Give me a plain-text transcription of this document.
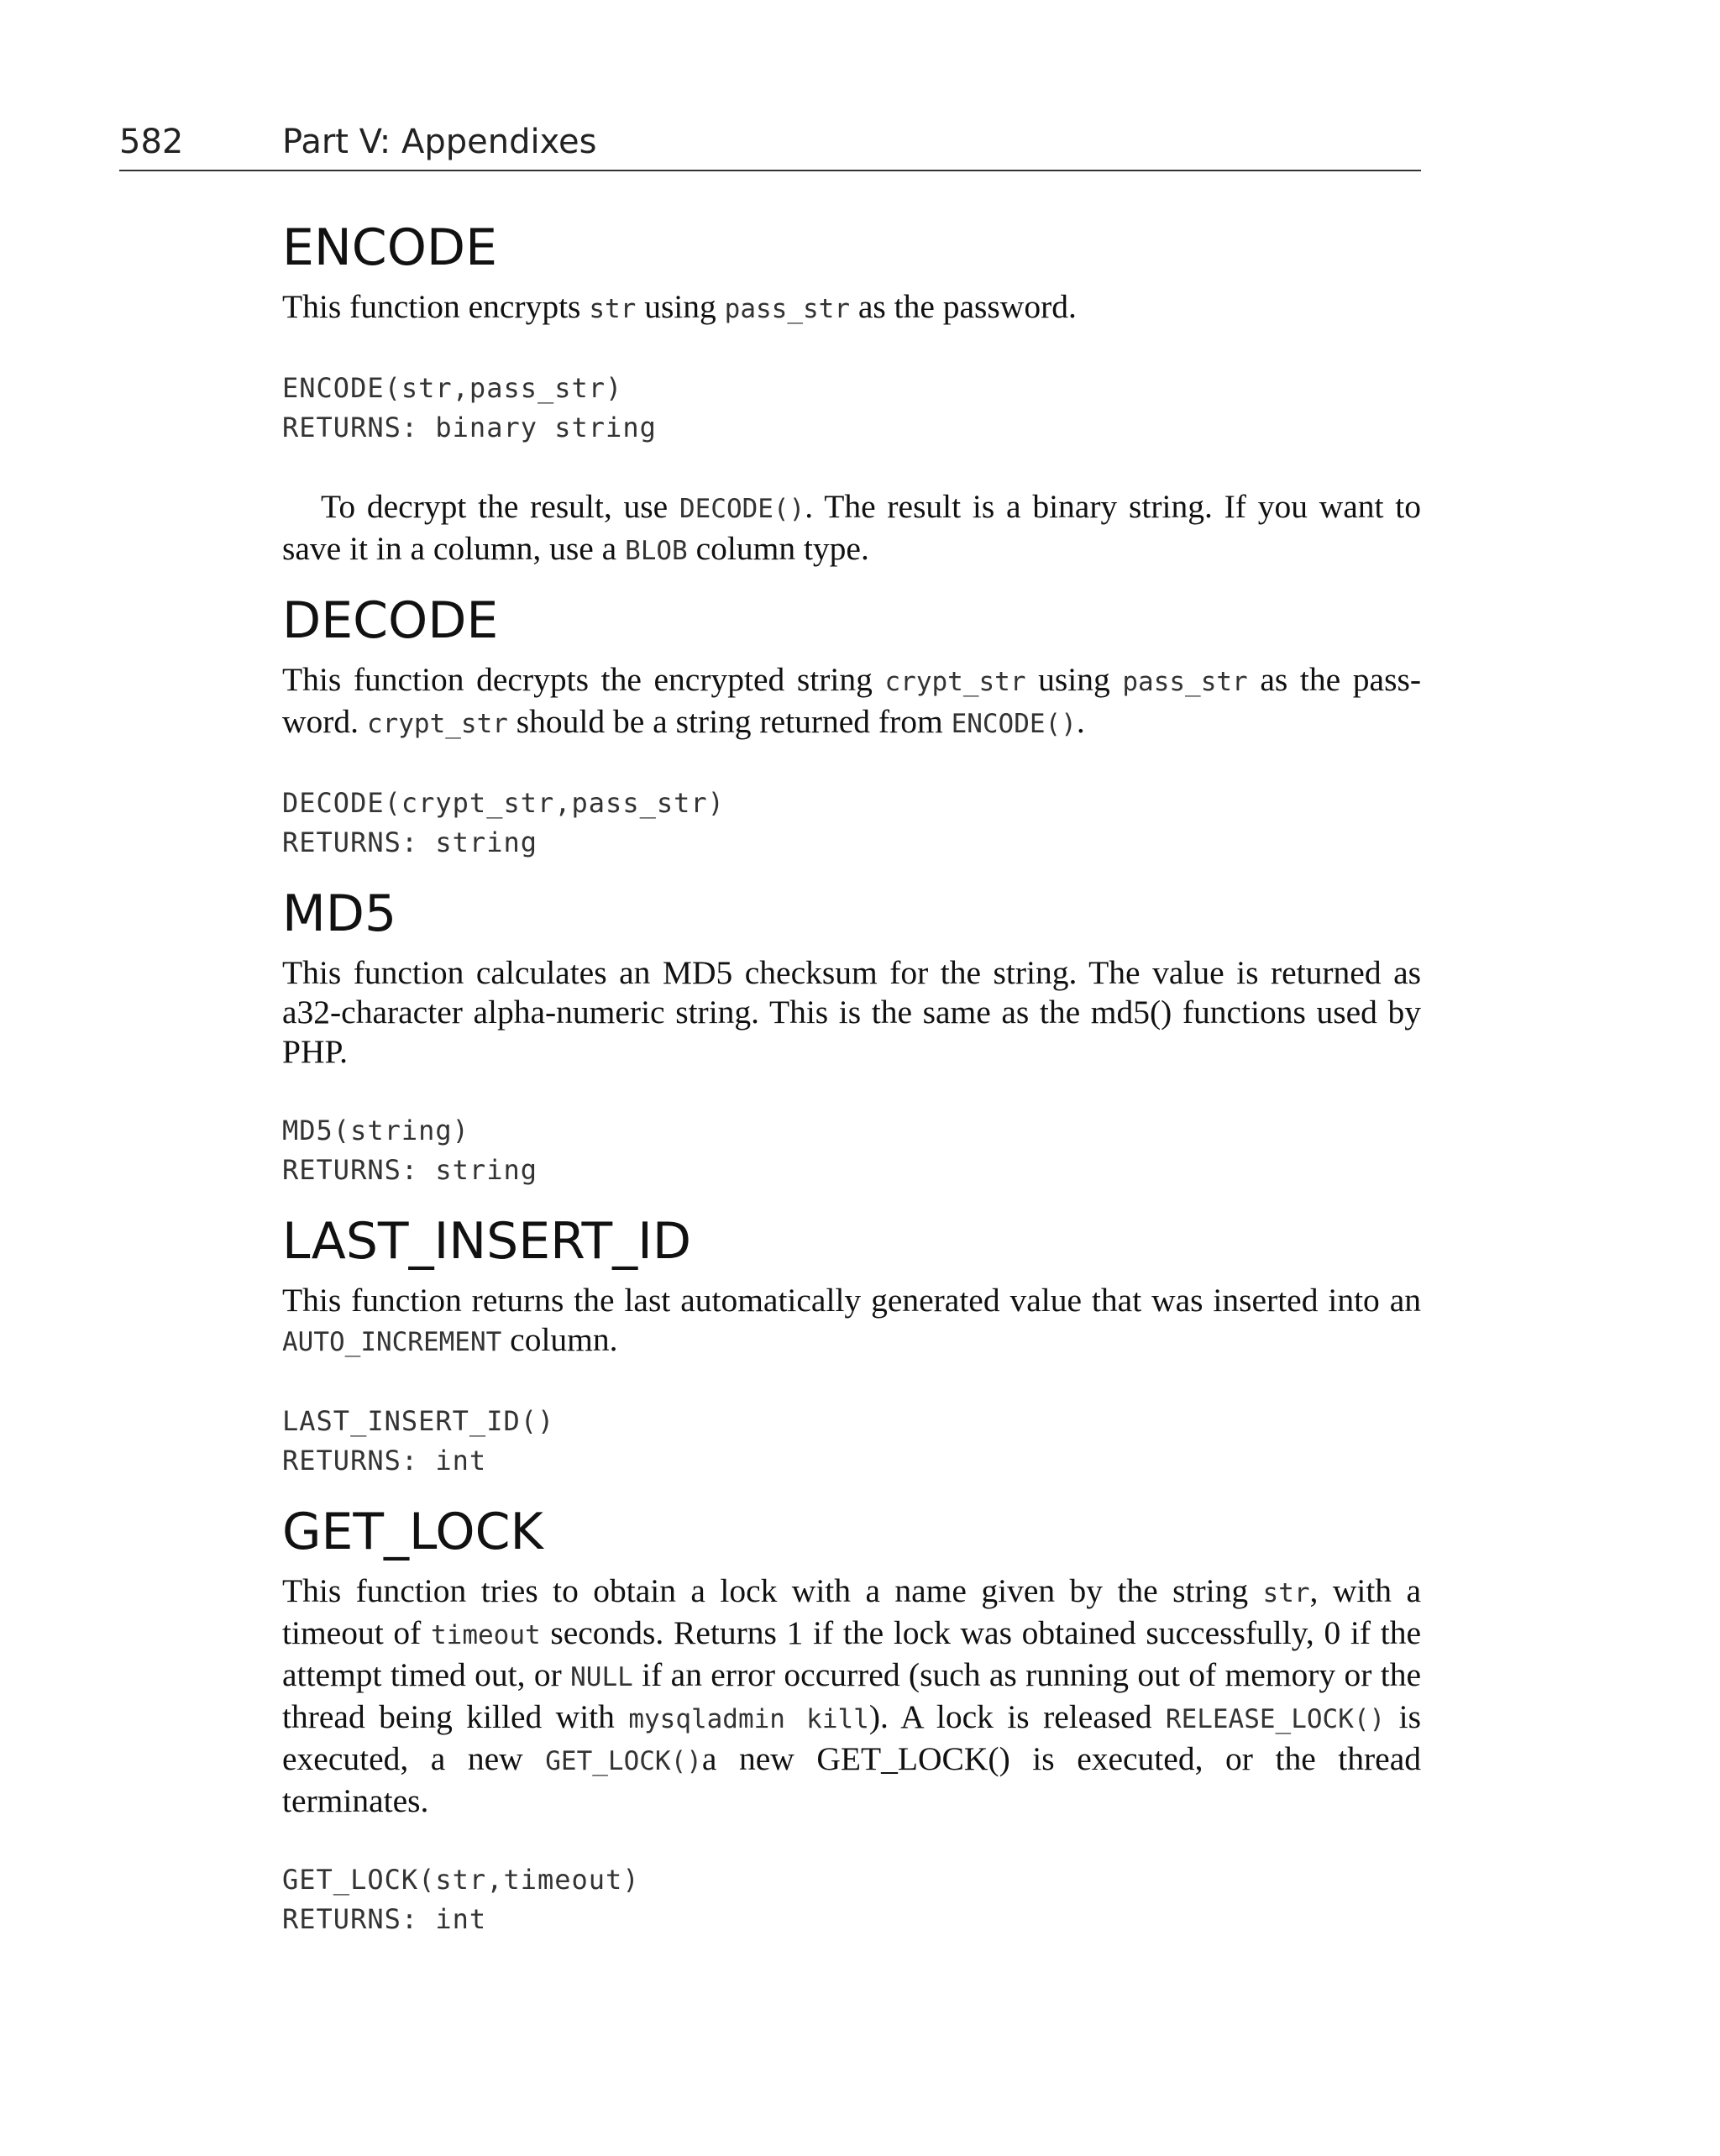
582	Part V: Appendixes
ENCODE

This function encrypts str using pass_str as the password.

ENCODE(str,pass_str)
RETURNS: binary string

To decrypt the result, use DECODE(). The result is a binary string. If you want to save it in a column, use a BLOB column type.

DECODE

This function decrypts the encrypted string crypt_str using pass_str as the password. crypt_str should be a string returned from ENCODE().

DECODE(crypt_str,pass_str)
RETURNS: string
MD5

This function calculates an MD5 checksum for the string. The value is returned as a32-character alpha-numeric string. This is the same as the md5() functions used by PHP.

MD5(string)
RETURNS: string
LAST_INSERT_ID

This function returns the last automatically generated value that was inserted into an AUTO_INCREMENT column.

LAST_INSERT_ID()
RETURNS: int
GET_LOCK

This function tries to obtain a lock with a name given by the string str, with a timeout of timeout seconds. Returns 1 if the lock was obtained successfully, 0 if the attempt timed out, or NULL if an error occurred (such as running out of memory or the thread being killed with mysqladmin kill). A lock is released RELEASE_​LOCK() is executed, a new GET_LOCK()a new GET_LOCK() is executed, or the thread terminates.

GET_LOCK(str,timeout)
RETURNS: int
